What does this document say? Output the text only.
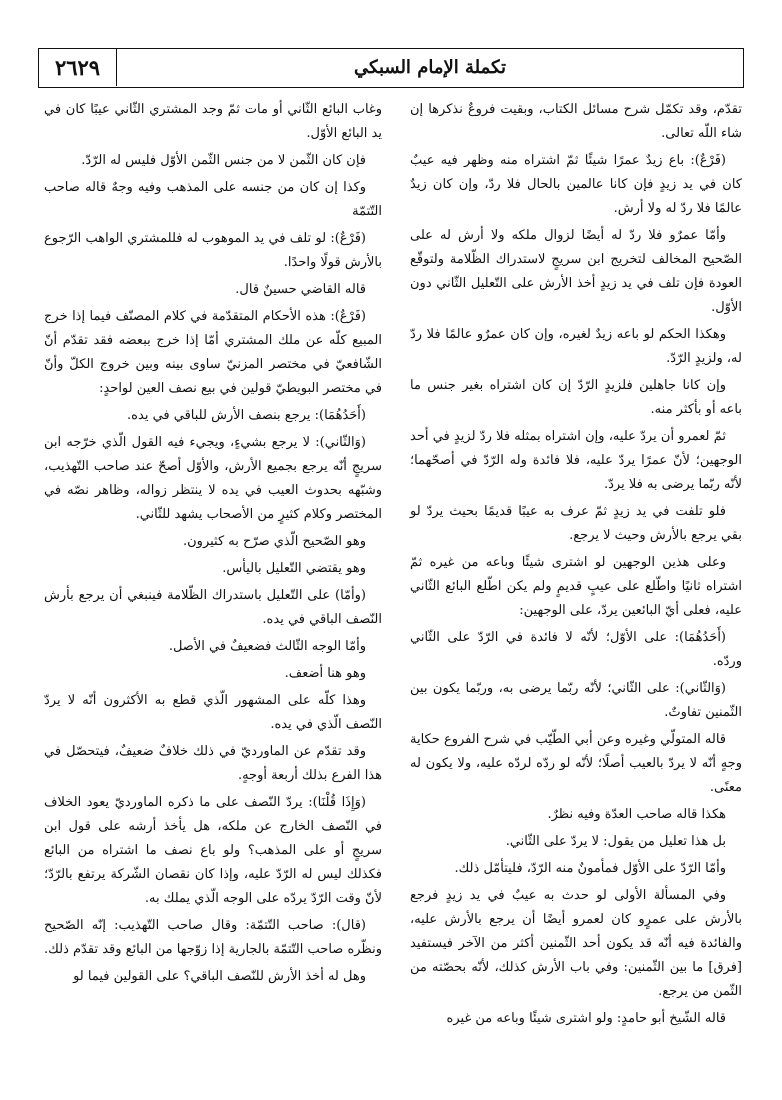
٢٦٢٩	تكملة الإمام السبكي

تقدّم، وقد تكمّل شرح مسائل الكتاب، وبقيت فروعٌ نذكرها إن شاء اللّه تعالى.

(فَرْعٌ): باع زيدٌ عمرًا شيئًا ثمّ اشتراه منه وظهر فيه عيبٌ كان في يد زيدٍ فإن كانا عالمين بالحال فلا ردّ، وإن كان زيدٌ عالمًا فلا ردّ له ولا أرش.

وأمّا عمرٌو فلا ردّ له أيضًا لزوال ملكه ولا أرش له على الصّحيح المخالف لتخريج ابن سريجٍ لاستدراك الظّلامة ولتوقّع العودة فإن تلف في يد زيدٍ أخذ الأرش على التّعليل الثّاني دون الأوّل.

وهكذا الحكم لو باعه زيدٌ لغيره، وإن كان عمرٌو عالمًا فلا ردّ له، ولزيدٍ الرّدّ.

وإن كانا جاهلين فلزيدٍ الرّدّ إن كان اشتراه بغير جنس ما باعه أو بأكثر منه.

ثمّ لعمرو أن يردّ عليه، وإن اشتراه بمثله فلا ردّ لزيدٍ في أحد الوجهين؛ لأنّ عمرًا يردّ عليه، فلا فائدة وله الرّدّ في أصحّهما؛ لأنّه ربّما يرضى به فلا يردّ.

فلو تلفت في يد زيدٍ ثمّ عرف به عيبًا قديمًا بحيث يردّ لو بقي يرجع بالأرش وحيث لا يرجع.

وعلى هذين الوجهين لو اشترى شيئًا وباعه من غيره ثمّ اشتراه ثانيًا واطّلع على عيبٍ قديمٍ ولم يكن اطّلع البائع الثّاني عليه، فعلى أيّ البائعين يردّ، على الوجهين:

(أَحَدُهُمَا): على الأوّل؛ لأنّه لا فائدة في الرّدّ على الثّاني وردّه.

(وَالثّاني): على الثّاني؛ لأنّه ربّما يرضى به، وربّما يكون بين الثّمنين تفاوتٌ.

قاله المتولّي وغيره وعن أبي الطّيّب في شرح الفروع حكاية وجهٍ أنّه لا يردّ بالعيب أصلًا؛ لأنّه لو ردّه لردّه عليه، ولا يكون له معنًى.

هكذا قاله صاحب العدّة وفيه نظرٌ.

بل هذا تعليل من يقول: لا يردّ على الثّاني.

وأمّا الرّدّ على الأوّل فمأمونٌ منه الرّدّ، فليتأمّل ذلك.

وفي المسألة الأولى لو حدث به عيبٌ في يد زيدٍ فرجع بالأرش على عمرٍو كان لعمرو أيضًا أن يرجع بالأرش عليه، والفائدة فيه أنّه قد يكون أحد الثّمنين أكثر من الآخر فيستفيد [فرق] ما بين الثّمنين: وفي باب الأرش كذلك، لأنّه بحصّته من الثّمن من يرجع.

قاله الشّيخ أبو حامدٍ: ولو اشترى شيئًا وباعه من غيره

وغاب البائع الثّاني أو مات ثمّ وجد المشتري الثّاني عيبًا كان في يد البائع الأوّل.

فإن كان الثّمن لا من جنس الثّمن الأوّل فليس له الرّدّ.

وكذا إن كان من جنسه على المذهب وفيه وجهٌ قاله صاحب التّتمّة

(فَرْعٌ): لو تلف في يد الموهوب له فللمشتري الواهب الرّجوع بالأرش قولًا واحدًا.

قاله القاضي حسينٌ قال.

(فَرْعٌ): هذه الأحكام المتقدّمة في كلام المصنّف فيما إذا خرج المبيع كلّه عن ملك المشتري أمّا إذا خرج ببعضه فقد تقدّم أنّ الشّافعيّ في مختصر المزنيّ ساوى بينه وبين خروج الكلّ وأنّ في مختصر البويطيّ قولين في بيع نصف العين لواحدٍ:

(أَحَدُهُمَا): يرجع بنصف الأرش للباقي في يده.

(وَالثّاني): لا يرجع بشيءٍ، ويجيء فيه القول الّذي خرّجه ابن سريجٍ أنّه يرجع بجميع الأرش، والأوّل أصحّ عند صاحب التّهذيب، وشبّهه بحدوث العيب في يده لا ينتظر زواله، وظاهر نصّه في المختصر وكلام كثيرٍ من الأصحاب يشهد للثّاني.

وهو الصّحيح الّذي صرّح به كثيرون.

وهو يقتضي التّعليل باليأس.

(وأمّا) على التّعليل باستدراك الظّلامة فينبغي أن يرجع بأرش النّصف الباقي في يده.

وأمّا الوجه الثّالث فضعيفٌ في الأصل.

وهو هنا أضعف.

وهذا كلّه على المشهور الّذي قطع به الأكثرون أنّه لا يردّ النّصف الّذي في يده.

وقد تقدّم عن الماورديّ في ذلك خلافٌ ضعيفٌ، فيتحصّل في هذا الفرع بذلك أربعة أوجهٍ.

(وَإِذَا قُلْنَا): يردّ النّصف على ما ذكره الماورديّ يعود الخلاف في النّصف الخارج عن ملكه، هل يأخذ أرشه على قول ابن سريجٍ أو على المذهب؟ ولو باع نصف ما اشتراه من البائع فكذلك ليس له الرّدّ عليه، وإذا كان نقصان الشّركة يرتفع بالرّدّ؛ لأنّ وقت الرّدّ يردّه على الوجه الّذي يملك به.

(قال): صاحب التّتمّة: وقال صاحب التّهذيب: إنّه الصّحيح ونظّره صاحب التّتمّة بالجارية إذا زوّجها من البائع وقد تقدّم ذلك.

وهل له أخذ الأرش للنّصف الباقي؟ على القولين فيما لو
